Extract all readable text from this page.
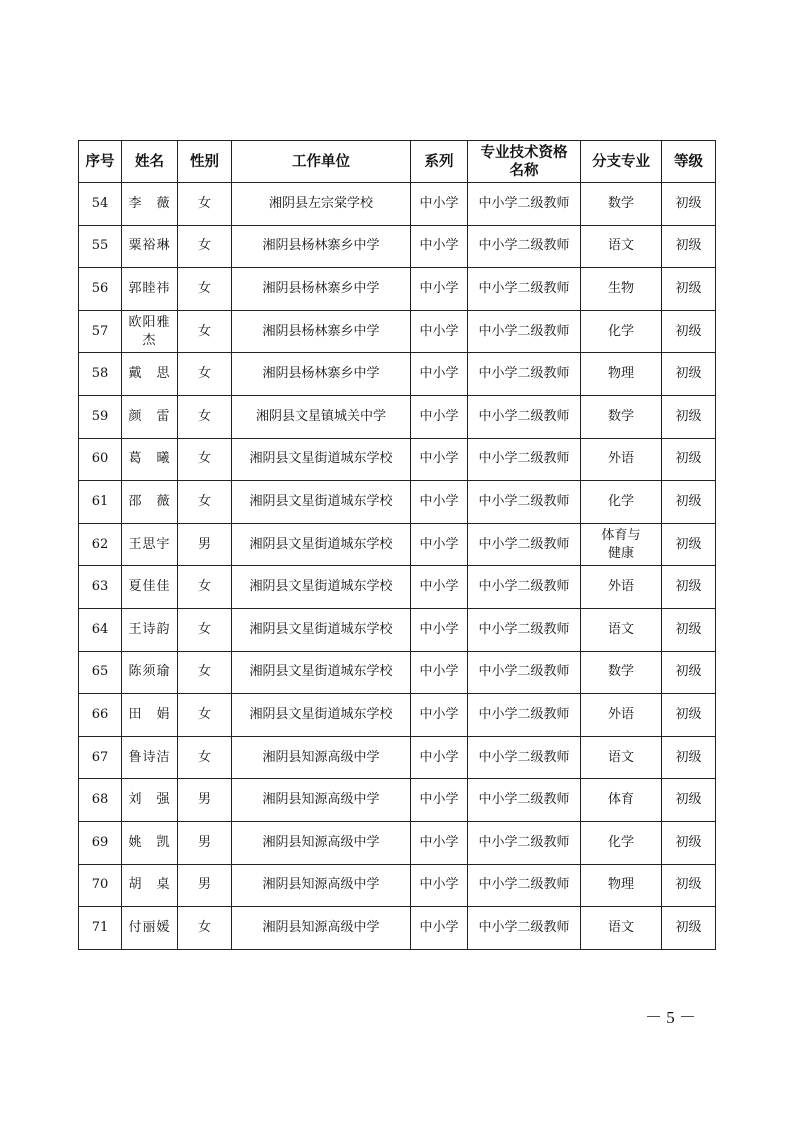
序号	姓名	性别	工作单位	系列	专业技术资格名称	分支专业	等级
54	李　薇	女	湘阴县左宗棠学校	中小学	中小学二级教师	数学	初级
55	粟裕琳	女	湘阴县杨林寨乡中学	中小学	中小学二级教师	语文	初级
56	郭睦祎	女	湘阴县杨林寨乡中学	中小学	中小学二级教师	生物	初级
57	欧阳雅杰	女	湘阴县杨林寨乡中学	中小学	中小学二级教师	化学	初级
58	戴　思	女	湘阴县杨林寨乡中学	中小学	中小学二级教师	物理	初级
59	颜　雷	女	湘阴县文星镇城关中学	中小学	中小学二级教师	数学	初级
60	葛　曦	女	湘阴县文星街道城东学校	中小学	中小学二级教师	外语	初级
61	邵　薇	女	湘阴县文星街道城东学校	中小学	中小学二级教师	化学	初级
62	王思宇	男	湘阴县文星街道城东学校	中小学	中小学二级教师	体育与健康	初级
63	夏佳佳	女	湘阴县文星街道城东学校	中小学	中小学二级教师	外语	初级
64	王诗韵	女	湘阴县文星街道城东学校	中小学	中小学二级教师	语文	初级
65	陈须瑜	女	湘阴县文星街道城东学校	中小学	中小学二级教师	数学	初级
66	田　娟	女	湘阴县文星街道城东学校	中小学	中小学二级教师	外语	初级
67	鲁诗洁	女	湘阴县知源高级中学	中小学	中小学二级教师	语文	初级
68	刘　强	男	湘阴县知源高级中学	中小学	中小学二级教师	体育	初级
69	姚　凯	男	湘阴县知源高级中学	中小学	中小学二级教师	化学	初级
70	胡　桌	男	湘阴县知源高级中学	中小学	中小学二级教师	物理	初级
71	付丽媛	女	湘阴县知源高级中学	中小学	中小学二级教师	语文	初级
－ 5 －
